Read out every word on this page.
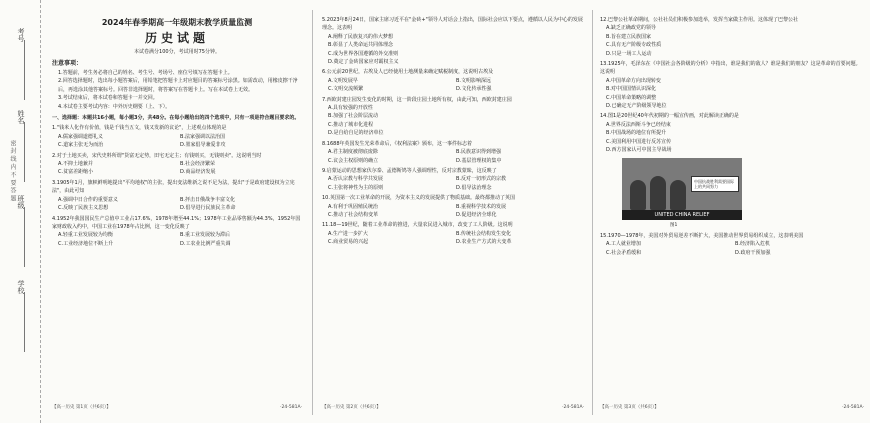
考号
姓名
班级
学校
密 封 线 内 不 要 答 题
2024年春季期高一年级期末教学质量监测
历史试题
本试卷满分100分，考试用时75分钟。
注意事项：

1.答题前，考生务必将自己的姓名、考生号、考场号、座位号填写在答题卡上。

2.回答选择题时，选出每小题答案后，用铅笔把答题卡上对应题目的答案标号涂黑。如需改动，用橡皮擦干净后，再选涂其他答案标号。回答非选择题时，将答案写在答题卡上。写在本试卷上无效。

3.考试结束后，将本试卷和答题卡一并交回。

4.本试卷主要考试内容：中外历史纲要（上、下）。

一、选择题：本题共16小题，每小题3分，共48分。在每小题给出的四个选项中，只有一项是符合题目要求的。
1."钱米人化作有价值，钱是千钱当五文，钱又发新的议论"，上述观点体现的是
A.儒家强调道德礼义	B.法家强调以法治国
C.道家主张无为而治	D.墨家倡导兼爱非攻
2.对于土地买卖，宋代史料所谓"货富无定势，田宅无定主；有钱则买，无钱则卖"。这说明当时
A.不抑土地兼并	B.社会经济繁荣
C.贫富差距缩小	D.商品经济发展
3.1905年1月，旗帜鲜明地提出"平均地权"的主张，提出变法维新之说不足为法，提出"于是政府建设权为立宪法"，由此可知
A.强调中日合作的重要意义	B.抨击日俄战争丰富文化
C.反映了民族主义思想	D.倡导进行民族民主革命
4.1952年我国国民生产总值中工业占17.6%，1978年增至44.1%；1978年工业品零售额为44.3%，1952年国家财政收入约中，中国工业在1978年占比例，这一变化反映了
A.轻重工业发展较为均衡	B.重工业发展较为滞后
C.工业经济地位不断上升	D.工农业比例严重失调
【高一历史 第1页（共6页）】	·24-581A·
5.2023年8月24日，国家主席习近平在"金砖+"领导人对话会上指出，国际社会应以下要点，遵循以人民为中心的发展理念。这表明
A.阐释了民族复兴的伟大梦想
B.彰显了人类命运共同体理念
C.成为世界各国遵循的外交准则
D.奠定了金砖国家应对霸权主义
6.公元前20世纪，古埃及人已经使用土地测量来确定赋税制度，这说明古埃及
A.文明发展早	B.文明影响深远
C.文明交流频繁	D.文化传承性强
7.西欧封建庄园发生变化的时期，这一阶段庄园土地所有权，由此可知，西欧封建庄园
A.具有较强的开放性
B.加强了社会阶层流动
C.推动了城市化进程
D.是自给自足的经济单位
8.1688年英国发生光荣革命后，《权利法案》颁布，这一事件标志着
A.君主制度被彻底废除	B.民族意识得到增强
C.议会主权原则的确立	D.基层管理权的集中
9.启蒙运动的思想家伏尔泰、孟德斯鸠等人强调理性，反对宗教蒙昧，这反映了
A.否认宗教与科学共发展	B.反对一切形式的宗教
C.主张将神性为主的原则	D.倡导法治理念
10.英国第一次工业革命的开展，为资本主义的发展提供了物质基础。最终都推动了英国
A.有利于巩固殖民统治	B.重视科学技术的发展
C.推动了社会结构变革	D.促进经济全球化
11.18—19世纪，随着工业革命的推进，大量农民进入城市，改变了工人阶级。这说明
A.生产进一步扩大	B.传统社会结构发生变化
C.商业贸易的兴起	D.农业生产方式的大变革
【高一历史 第2页（共6页）】	·24-581A·
12.巴黎公社革命期间，公社社员们积极参加选举，发挥当家做主作用。这体现了巴黎公社
A.缺乏正确政党的领导
B.旨在建立民族国家
C.具有无产阶级专政性质
D.只是一场工人运动
13.1925年，毛泽东在《中国社会各阶级的分析》中指出，谁是我们的敌人？谁是我们的朋友？这是革命的首要问题。这说明
A.中国革命方向出现转变
B.对中国国情认识深化
C.中国革命策略的调整
D.已确定无产阶级领导地位
14.图1是20世纪40年代初期的一幅宣传画，对此解读正确的是
A.世界反法西斯斗争已经结束
B.中国战场的地位有所提升
C.美国利用中国进行反苏宣传
D.西方国家认可中国主导战场
中国抗战胜利需要国际上的共同努力
UNITED CHINA RELIEF
图1
15.1970—1978年，美国对外贸易逆差不断扩大，美国推动世界贸易组织成立，这表明美国
A.工人就业增加	B.经济陷入危机
C.社会矛盾缓和	D.政府干预加强
【高一历史 第3页（共6页）】	·24-581A·
